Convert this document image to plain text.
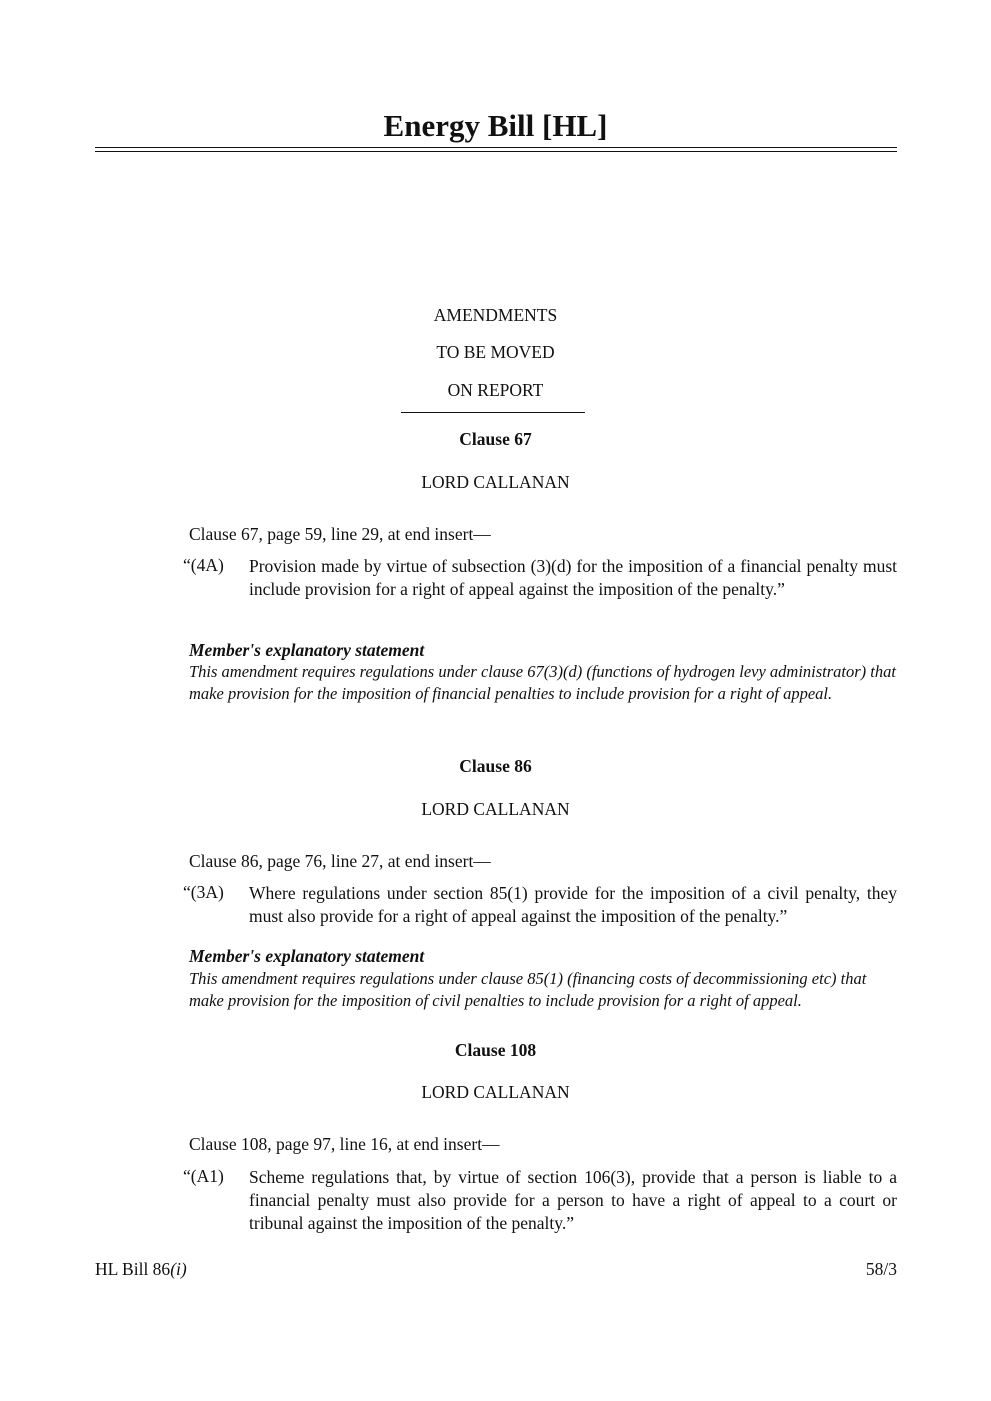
Energy Bill [HL]
AMENDMENTS
TO BE MOVED
ON REPORT
Clause 67
LORD CALLANAN
Clause 67, page 59, line 29, at end insert—
“(4A) Provision made by virtue of subsection (3)(d) for the imposition of a financial penalty must include provision for a right of appeal against the imposition of the penalty.”
Member's explanatory statement
This amendment requires regulations under clause 67(3)(d) (functions of hydrogen levy administrator) that make provision for the imposition of financial penalties to include provision for a right of appeal.
Clause 86
LORD CALLANAN
Clause 86, page 76, line 27, at end insert—
“(3A) Where regulations under section 85(1) provide for the imposition of a civil penalty, they must also provide for a right of appeal against the imposition of the penalty.”
Member's explanatory statement
This amendment requires regulations under clause 85(1) (financing costs of decommissioning etc) that make provision for the imposition of civil penalties to include provision for a right of appeal.
Clause 108
LORD CALLANAN
Clause 108, page 97, line 16, at end insert—
“(A1) Scheme regulations that, by virtue of section 106(3), provide that a person is liable to a financial penalty must also provide for a person to have a right of appeal to a court or tribunal against the imposition of the penalty.”
HL Bill 86(i)	58/3
